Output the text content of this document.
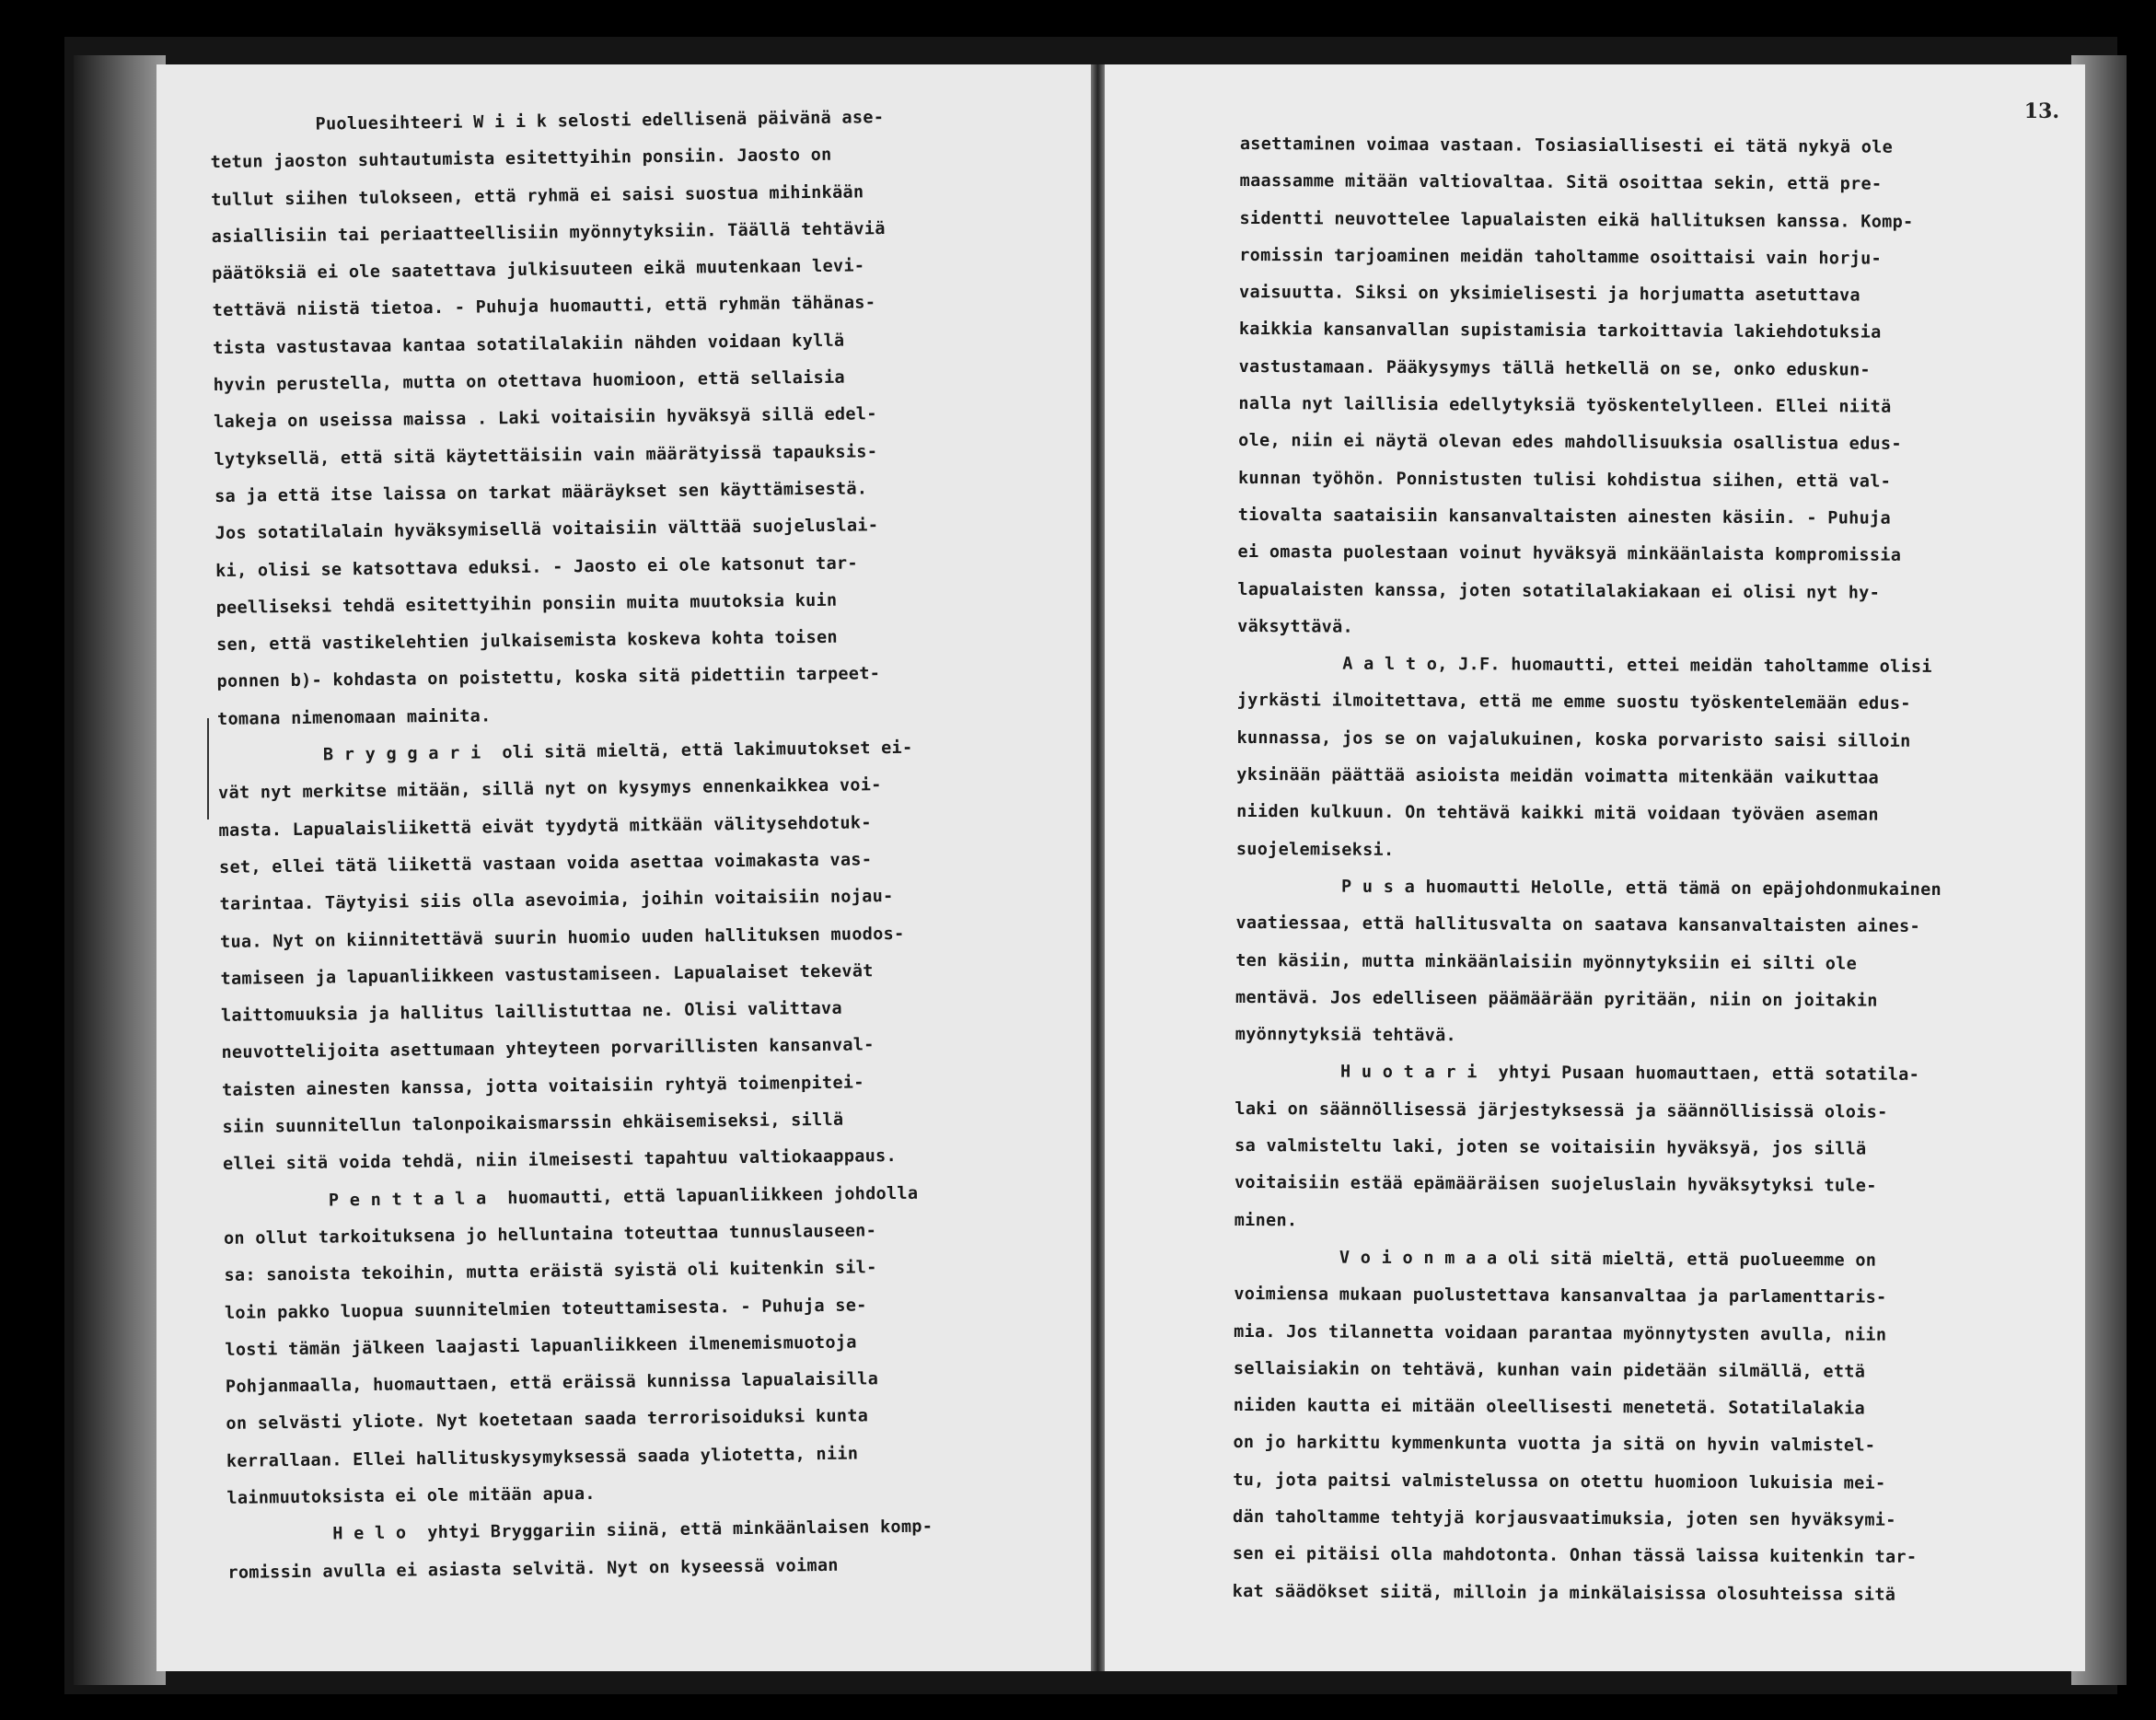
Puoluesihteeri W i i k selosti edellisenä päivänä ase-
tetun jaoston suhtautumista esitettyihin ponsiin. Jaosto on
tullut siihen tulokseen, että ryhmä ei saisi suostua mihinkään
asiallisiin tai periaatteellisiin myönnytyksiin. Täällä tehtäviä
päätöksiä ei ole saatettava julkisuuteen eikä muutenkaan levi-
tettävä niistä tietoa. - Puhuja huomautti, että ryhmän tähänas-
tista vastustavaa kantaa sotatilalakiin nähden voidaan kyllä
hyvin perustella, mutta on otettava huomioon, että sellaisia
lakeja on useissa maissa . Laki voitaisiin hyväksyä sillä edel-
lytyksellä, että sitä käytettäisiin vain määrätyissä tapauksis-
sa ja että itse laissa on tarkat määräykset sen käyttämisestä.
Jos sotatilalain hyväksymisellä voitaisiin välttää suojeluslai-
ki, olisi se katsottava eduksi. - Jaosto ei ole katsonut tar-
peelliseksi tehdä esitettyihin ponsiin muita muutoksia kuin
sen, että vastikelehtien julkaisemista koskeva kohta toisen
ponnen b)- kohdasta on poistettu, koska sitä pidettiin tarpeet-
tomana nimenomaan mainita.
B r y g g a r i  oli sitä mieltä, että lakimuutokset ei-
vät nyt merkitse mitään, sillä nyt on kysymys ennenkaikkea voi-
masta. Lapualaisliikettä eivät tyydytä mitkään välitysehdotuk-
set, ellei tätä liikettä vastaan voida asettaa voimakasta vas-
tarintaa. Täytyisi siis olla asevoimia, joihin voitaisiin nojau-
tua. Nyt on kiinnitettävä suurin huomio uuden hallituksen muodos-
tamiseen ja lapuanliikkeen vastustamiseen. Lapualaiset tekevät
laittomuuksia ja hallitus laillistuttaa ne. Olisi valittava
neuvottelijoita asettumaan yhteyteen porvarillisten kansanval-
taisten ainesten kanssa, jotta voitaisiin ryhtyä toimenpitei-
siin suunnitellun talonpoikaismarssin ehkäisemiseksi, sillä
ellei sitä voida tehdä, niin ilmeisesti tapahtuu valtiokaappaus.
P e n t t a l a  huomautti, että lapuanliikkeen johdolla
on ollut tarkoituksena jo helluntaina toteuttaa tunnuslauseen-
sa: sanoista tekoihin, mutta eräistä syistä oli kuitenkin sil-
loin pakko luopua suunnitelmien toteuttamisesta. - Puhuja se-
losti tämän jälkeen laajasti lapuanliikkeen ilmenemismuotoja
Pohjanmaalla, huomauttaen, että eräissä kunnissa lapualaisilla
on selvästi yliote. Nyt koetetaan saada terrorisoiduksi kunta
kerrallaan. Ellei hallituskysymyksessä saada yliotetta, niin
lainmuutoksista ei ole mitään apua.
H e l o  yhtyi Bryggariin siinä, että minkäänlaisen komp-
romissin avulla ei asiasta selvitä. Nyt on kyseessä voiman
13.
asettaminen voimaa vastaan. Tosiasiallisesti ei tätä nykyä ole
maassamme mitään valtiovaltaa. Sitä osoittaa sekin, että pre-
sidentti neuvottelee lapualaisten eikä hallituksen kanssa. Komp-
romissin tarjoaminen meidän taholtamme osoittaisi vain horju-
vaisuutta. Siksi on yksimielisesti ja horjumatta asetuttava
kaikkia kansanvallan supistamisia tarkoittavia lakiehdotuksia
vastustamaan. Pääkysymys tällä hetkellä on se, onko eduskun-
nalla nyt laillisia edellytyksiä työskentelylleen. Ellei niitä
ole, niin ei näytä olevan edes mahdollisuuksia osallistua edus-
kunnan työhön. Ponnistusten tulisi kohdistua siihen, että val-
tiovalta saataisiin kansanvaltaisten ainesten käsiin. - Puhuja
ei omasta puolestaan voinut hyväksyä minkäänlaista kompromissia
lapualaisten kanssa, joten sotatilalakiakaan ei olisi nyt hy-
väksyttävä.
A a l t o, J.F. huomautti, ettei meidän taholtamme olisi
jyrkästi ilmoitettava, että me emme suostu työskentelemään edus-
kunnassa, jos se on vajalukuinen, koska porvaristo saisi silloin
yksinään päättää asioista meidän voimatta mitenkään vaikuttaa
niiden kulkuun. On tehtävä kaikki mitä voidaan työväen aseman
suojelemiseksi.
P u s a huomautti Helolle, että tämä on epäjohdonmukainen
vaatiessaa, että hallitusvalta on saatava kansanvaltaisten aines-
ten käsiin, mutta minkäänlaisiin myönnytyksiin ei silti ole
mentävä. Jos edelliseen päämäärään pyritään, niin on joitakin
myönnytyksiä tehtävä.
H u o t a r i  yhtyi Pusaan huomauttaen, että sotatila-
laki on säännöllisessä järjestyksessä ja säännöllisissä olois-
sa valmisteltu laki, joten se voitaisiin hyväksyä, jos sillä
voitaisiin estää epämääräisen suojeluslain hyväksytyksi tule-
minen.
V o i o n m a a oli sitä mieltä, että puolueemme on
voimiensa mukaan puolustettava kansanvaltaa ja parlamenttaris-
mia. Jos tilannetta voidaan parantaa myönnytysten avulla, niin
sellaisiakin on tehtävä, kunhan vain pidetään silmällä, että
niiden kautta ei mitään oleellisesti menetetä. Sotatilalakia
on jo harkittu kymmenkunta vuotta ja sitä on hyvin valmistel-
tu, jota paitsi valmistelussa on otettu huomioon lukuisia mei-
dän taholtamme tehtyjä korjausvaatimuksia, joten sen hyväksymi-
sen ei pitäisi olla mahdotonta. Onhan tässä laissa kuitenkin tar-
kat säädökset siitä, milloin ja minkälaisissa olosuhteissa sitä
